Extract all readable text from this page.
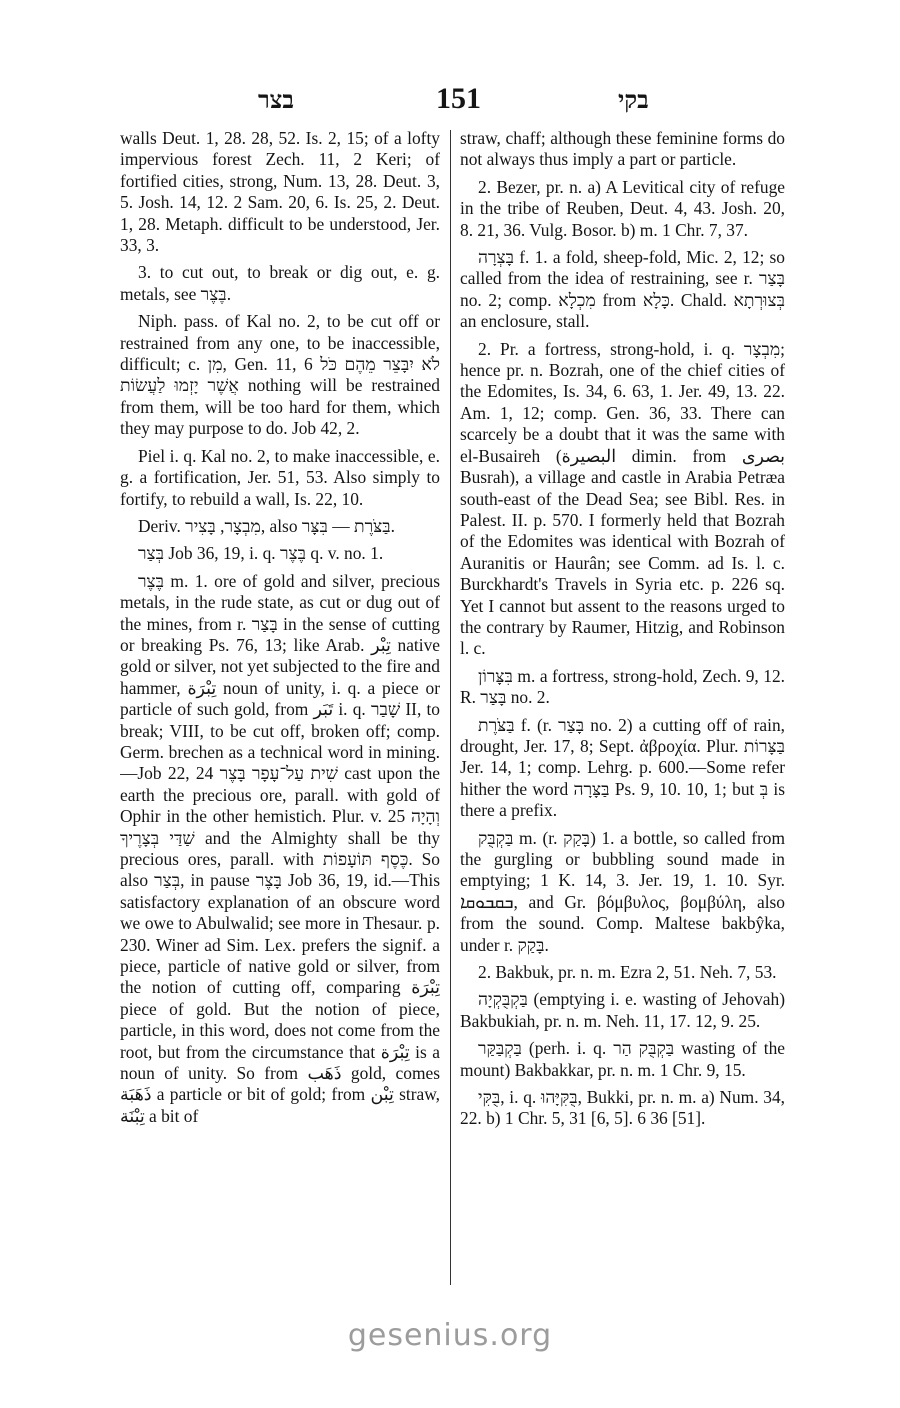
בצר	151	בקי

walls Deut. 1, 28. 28, 52. Is. 2, 15; of a lofty impervious forest Zech. 11, 2 Keri; of fortified cities, strong, Num. 13, 28. Deut. 3, 5. Josh. 14, 12. 2 Sam. 20, 6. Is. 25, 2. Deut. 1, 28. Metaph. difficult to be understood, Jer. 33, 3.

3. to cut out, to break or dig out, e. g. metals, see בֶּצֶר.

Niph. pass. of Kal no. 2, to be cut off or restrained from any one, to be inaccessible, difficult; c. מִן, Gen. 11, 6 לֹא יִבָּצֵר מֵהֶם כֹּל אֲשֶׁר יָזְמוּ לַעֲשׂוֹת nothing will be restrained from them, will be too hard for them, which they may purpose to do. Job 42, 2.

Piel i. q. Kal no. 2, to make inaccessible, e. g. a fortification, Jer. 51, 53. Also simply to fortify, to rebuild a wall, Is. 22, 10.

Deriv. מִבְצָר, בָּצִיר, also בַּצֹּרֶת — בִּצָּר.

בְּצַר Job 36, 19, i. q. בֶּצֶר q. v. no. 1.

בֶּצֶר m. 1. ore of gold and silver, precious metals, in the rude state, as cut or dug out of the mines, from r. בָּצַר in the sense of cutting or breaking Ps. 76, 13; like Arab. تِبْر native gold or silver, not yet subjected to the fire and hammer, تِبْرَة noun of unity, i. q. a piece or particle of such gold, from تَبَر i. q. שָׁבַר II, to break; VIII, to be cut off, broken off; comp. Germ. brechen as a technical word in mining.—Job 22, 24 שִׁית עַל־עָפָר בָּצֶר cast upon the earth the precious ore, parall. with gold of Ophir in the other hemistich. Plur. v. 25 וְהָיָה שַׁדַּי בְּצָרֶיךָ and the Almighty shall be thy precious ores, parall. with כֶּסֶף תּוֹעָפוֹת. So also בְּצַר, in pause בָּצֶר Job 36, 19, id.—This satisfactory explanation of an obscure word we owe to Abulwalid; see more in Thesaur. p. 230. Winer ad Sim. Lex. prefers the signif. a piece, particle of native gold or silver, from the notion of cutting off, comparing تِبْرَة piece of gold. But the notion of piece, particle, in this word, does not come from the root, but from the circumstance that تِبْرَة is a noun of unity. So from ذَهَب gold, comes ذَهَبَة a particle or bit of gold; from تِبْن straw, تِبْنَة a bit of

straw, chaff; although these feminine forms do not always thus imply a part or particle.

2. Bezer, pr. n. a) A Levitical city of refuge in the tribe of Reuben, Deut. 4, 43. Josh. 20, 8. 21, 36. Vulg. Bosor. b) m. 1 Chr. 7, 37.

בָּצְרָה f. 1. a fold, sheep-fold, Mic. 2, 12; so called from the idea of restraining, see r. בָּצַר no. 2; comp. מִכְלָא from כָּלָא. Chald. בְּצוּרְתָא an enclosure, stall.

2. Pr. a fortress, strong-hold, i. q. מִבְצָר; hence pr. n. Bozrah, one of the chief cities of the Edomites, Is. 34, 6. 63, 1. Jer. 49, 13. 22. Am. 1, 12; comp. Gen. 36, 33. There can scarcely be a doubt that it was the same with el-Busaireh (البصيرة dimin. from بصرى Busrah), a village and castle in Arabia Petræa south-east of the Dead Sea; see Bibl. Res. in Palest. II. p. 570. I formerly held that Bozrah of the Edomites was identical with Bozrah of Auranitis or Haurân; see Comm. ad Is. l. c. Burckhardt's Travels in Syria etc. p. 226 sq. Yet I cannot but assent to the reasons urged to the contrary by Raumer, Hitzig, and Robinson l. c.

בִּצָּרוֹן m. a fortress, strong-hold, Zech. 9, 12. R. בָּצַר no. 2.

בַּצֹּרֶת f. (r. בָּצַר no. 2) a cutting off of rain, drought, Jer. 17, 8; Sept. ἀβροχία. Plur. בַּצָּרוֹת Jer. 14, 1; comp. Lehrg. p. 600.—Some refer hither the word בַּצָּרָה Ps. 9, 10. 10, 1; but בְּ is there a prefix.

בַּקְבֻּק m. (r. בָּקַק) 1. a bottle, so called from the gurgling or bubbling sound made in emptying; 1 K. 14, 3. Jer. 19, 1. 10. Syr. ܒܩܒܘܩܐ, and Gr. βόμβυλος, βομβύλη, also from the sound. Comp. Maltese bakbŷka, under r. בָּקַק.

2. Bakbuk, pr. n. m. Ezra 2, 51. Neh. 7, 53.

בַּקְבֻּקְיָה (emptying i. e. wasting of Jehovah) Bakbukiah, pr. n. m. Neh. 11, 17. 12, 9. 25.

בַּקְבַּקַּר (perh. i. q. בַּקְבֻּק הַר wasting of the mount) Bakbakkar, pr. n. m. 1 Chr. 9, 15.

בֻּקִּי, i. q. בֻּקִּיָּהוּ, Bukki, pr. n. m. a) Num. 34, 22. b) 1 Chr. 5, 31 [6, 5]. 6 36 [51].

gesenius.org
